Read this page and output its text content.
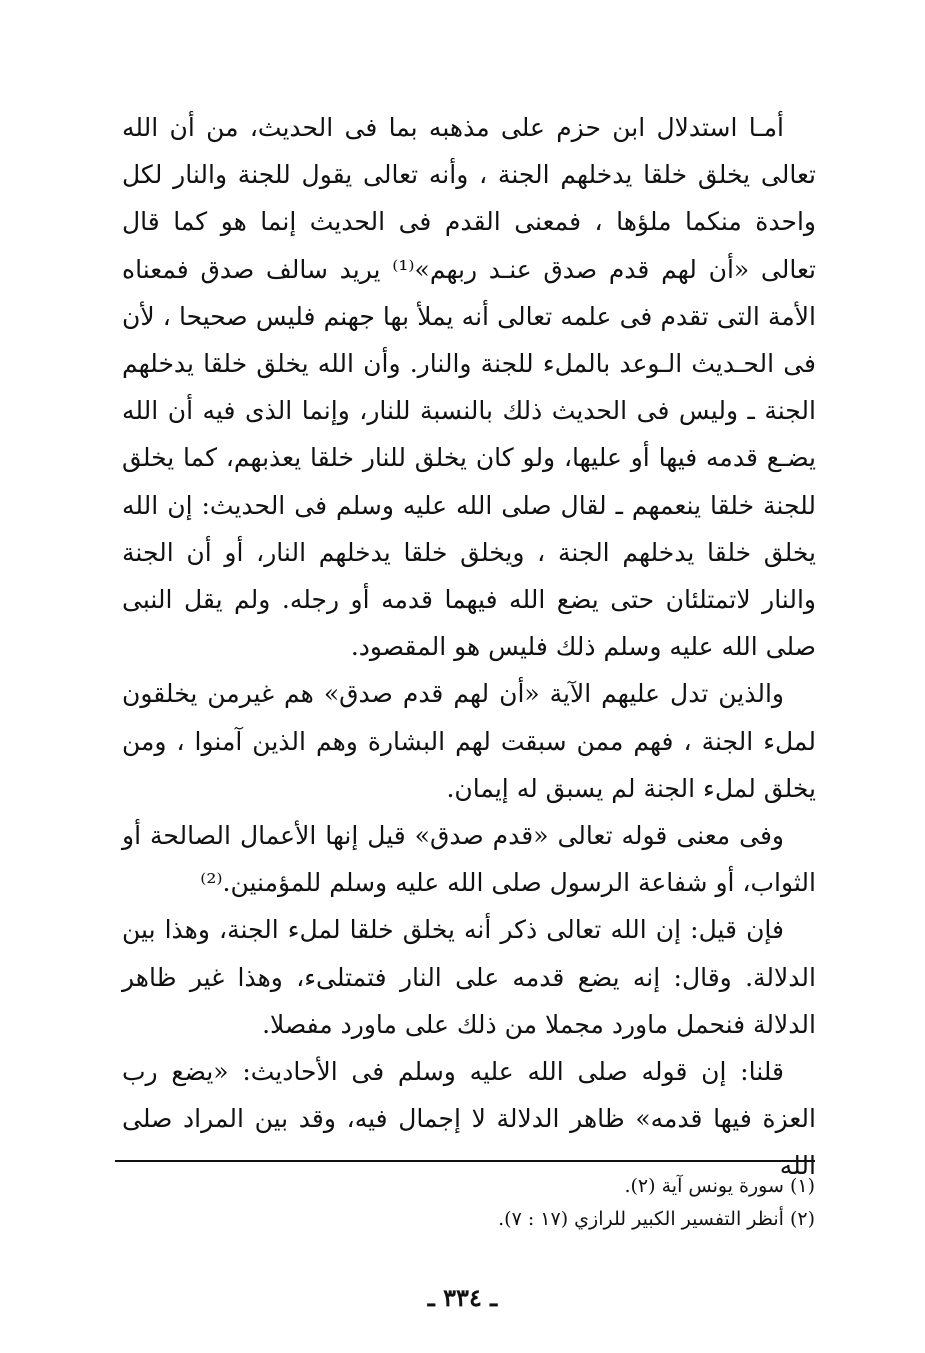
أمـا استدلال ابن حزم على مذهبه بما فى الحديث، من أن الله تعالى يخلق خلقا يدخلهم الجنة ، وأنه تعالى يقول للجنة والنار لكل واحدة منكما ملؤها ، فمعنى القدم فى الحديث إنما هو كما قال تعالى «أن لهم قدم صدق عنـد ربهم»⁽¹⁾ يريد سالف صدق فمعناه الأمة التى تقدم فى علمه تعالى أنه يملأ بها جهنم فليس صحيحا ، لأن فى الحـديث الـوعد بالملء للجنة والنار. وأن الله يخلق خلقا يدخلهم الجنة ـ وليس فى الحديث ذلك بالنسبة للنار، وإنما الذى فيه أن الله يضـع قدمه فيها أو عليها، ولو كان يخلق للنار خلقا يعذبهم، كما يخلق للجنة خلقا ينعمهم ـ لقال صلى الله عليه وسلم فى الحديث: إن الله يخلق خلقا يدخلهم الجنة ، ويخلق خلقا يدخلهم النار، أو أن الجنة والنار لاتمتلئان حتى يضع الله فيهما قدمه أو رجله. ولم يقل النبى صلى الله عليه وسلم ذلك فليس هو المقصود.

والذين تدل عليهم الآية «أن لهم قدم صدق» هم غيرمن يخلقون لملء الجنة ، فهم ممن سبقت لهم البشارة وهم الذين آمنوا ، ومن يخلق لملء الجنة لم يسبق له إيمان.

وفى معنى قوله تعالى «قدم صدق» قيل إنها الأعمال الصالحة أو الثواب، أو شفاعة الرسول صلى الله عليه وسلم للمؤمنين.⁽²⁾

فإن قيل: إن الله تعالى ذكر أنه يخلق خلقا لملء الجنة، وهذا بين الدلالة. وقال: إنه يضع قدمه على النار فتمتلىء، وهذا غير ظاهر الدلالة فنحمل ماورد مجملا من ذلك على ماورد مفصلا.

قلنا: إن قوله صلى الله عليه وسلم فى الأحاديث: «يضع رب العزة فيها قدمه» ظاهر الدلالة لا إجمال فيه، وقد بين المراد صلى الله

(١) سورة يونس آية (٢).

(٢) أنظر التفسير الكبير للرازي (١٧ : ٧).

ـ ٣٣٤ ـ
